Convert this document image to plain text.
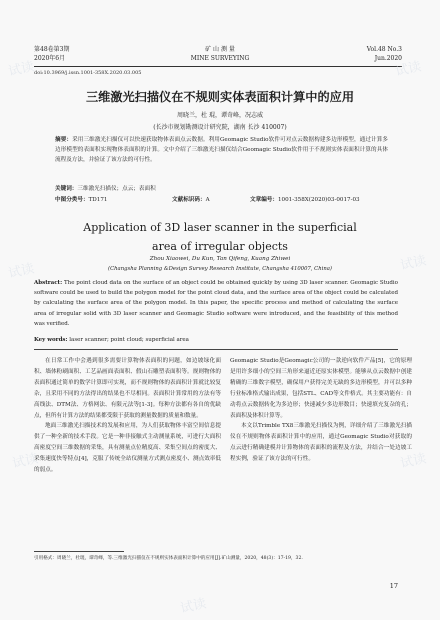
第48卷第3期
2020年6月
矿 山 测 量
MINE SURVEYING
Vol.48 No.3
Jun.2020
doi:10.3969/j.issn.1001-358X.2020.03.005
三维激光扫描仪在不规则实体表面积计算中的应用
周晓兰，杜 琨，谭奇峰，况志威
(长沙市规划勘测设计研究院，湖南 长沙 410007)
摘要：采用三维激光扫描仪可以快速获取物体表面点云数据。利用Geomagic Studio软件可对点云数据构建多边形模型，通过计算多边形模型的表面积实现物体表面积的计算。文中介绍了三维激光扫描仪结合Geomagic Studio软件用于不规则实体表面积计算的具体流程及方法，并验证了该方法的可行性。
关键词：三维激光扫描仪；点云；表面积
中图分类号：TD171	文献标识码：A	文章编号：1001-358X(2020)03-0017-03
Application of 3D laser scanner in the superficial
area of irregular objects
Zhou Xiaowei, Du Kun, Tan Qifeng, Kuang Zhiwei
(Changsha Planning &Design Survey Research Institute, Changsha 410007, China)
Abstract: The point cloud data on the surface of an object could be obtained quickly by using 3D laser scanner. Geomagic Studio software could be used to build the polygon model for the point cloud data, and the surface area of the object could be calculated by calculating the surface area of the polygon model. In this paper, the specific process and method of calculating the surface area of irregular solid with 3D laser scanner and Geomagic Studio software were introduced, and the feasibility of this method was verified.
Key words: laser scanner; point cloud; superficial area

在日常工作中会遇到很多需要计算物体表面积的问题，如边坡绿化面积、墙体粉刷面积、工艺品画面表面积、假山石雕塑表面积等。规则物体的表面积通过简单的数学计算即可实现，而不规则物体的表面积计算就比较复杂，且采用不同的方法得出的结果也不尽相同。表面积计算常用的方法有等高线法、DTM法、方格网法、有限元法等[1-3]。每种方法都有各自的优缺点，但所有计算方法的结果都受限于获取的测量数据的质量和数量。

地面三维激光扫描技术的发展和应用，为人们获取物体丰富空间信息提供了一种全新的技术手段。它是一种非接触式主动测量系统，可进行大面积高密度空间三维数据的采集，具有测量点位精度高、采集空间点的密度大、采集速度快等特点[4]，克服了传统全站仪测量方式测点密度小、测点效率低的弱点。

Geomagic Studio是Geomagic公司的一款逆向软件产品[5]，它的原理是用许多细小的空间三角形来逼近还原实体模型。能够从点云数据中创建精确的三维数字模型，确保用户获得完美无缺的多边形模型，并可以多种行业标准格式输出成果，包括STL、CAD等文件格式。其主要功能有：自动将点云数据转化为多边形；快速减少多边形数目；快速填充复杂的孔；表面积及体积计算等。

本文以Trimble TX8三维激光扫描仪为例，详细介绍了三维激光扫描仪在不规则物体表面积计算中的应用，通过Geomagic Studio对获取的点云进行精确建模并计算物体的表面积的流程及方法，并结合一处边坡工程实例，验证了该方法的可行性。

引用格式：周晓兰，杜琨，谭奇峰，等.三维激光扫描仪在不规则实体表面积计算中的应用[J].矿山测量，2020，48(3)：17-19，32.
17
试读	试读
试读	试读
试读	试读
试读
